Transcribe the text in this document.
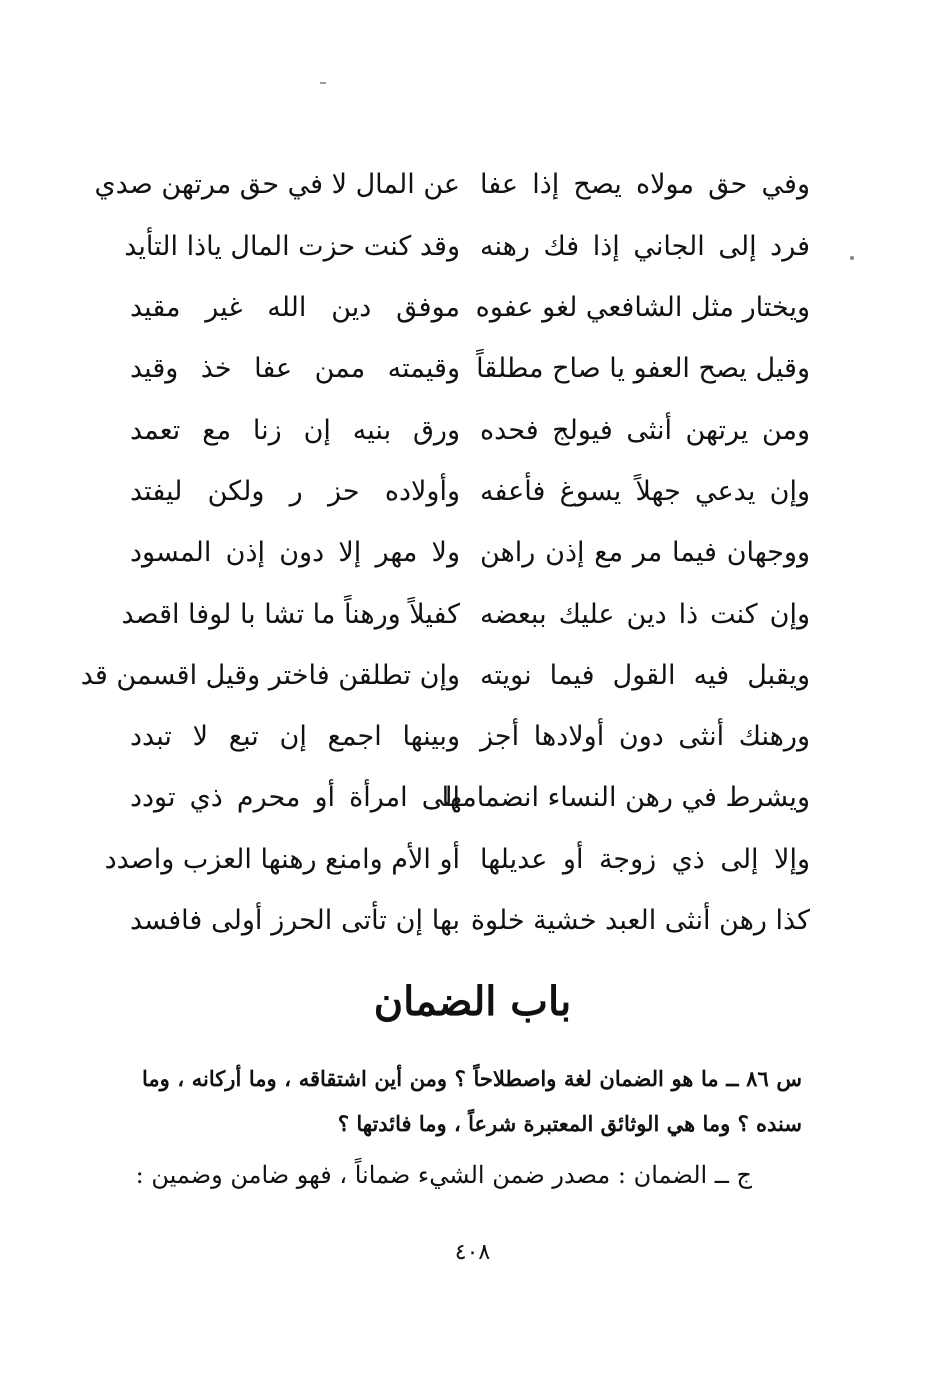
وفي حق مولاه يصح إذا عفا
عن المال لا في حق مرتهن صدي
فرد إلى الجاني إذا فك رهنه
وقد كنت حزت المال ياذا التأيد
ويختار مثل الشافعي لغو عفوه
موفق دين الله غير مقيد
وقيل يصح العفو يا صاح مطلقاً
وقيمته ممن عفا خذ وقيد
ومن يرتهن أنثى فيولج فحده
ورق بنيه إن زنا مع تعمد
وإن يدعي جهلاً يسوغ فأعفه
وأولاده حز ر ولكن ليفتد
ووجهان فيما مر مع إذن راهن
ولا مهر إلا دون إذن المسود
وإن كنت ذا دين عليك ببعضه
كفيلاً ورهناً ما تشا با لوفا اقصد
ويقبل فيه القول فيما نويته
وإن تطلقن فاختر وقيل اقسمن قد
ورهنك أنثى دون أولادها أجز
وبينها اجمع إن تبع لا تبدد
ويشرط في رهن النساء انضمامها
إلى امرأة أو محرم ذي تودد
وإلا إلى ذي زوجة أو عديلها
أو الأم وامنع رهنها العزب واصدد
كذا رهن أنثى العبد خشية خلوة
بها إن تأتى الحرز أولى فافسد
باب الضمان
س ٨٦ ــ ما هو الضمان لغة واصطلاحاً ؟ ومن أين اشتقاقه ، وما أركانه ، وما سنده ؟ وما هي الوثائق المعتبرة شرعاً ، وما فائدتها ؟
ج ــ الضمان : مصدر ضمن الشيء ضماناً ، فهو ضامن وضمين :
٤٠٨
